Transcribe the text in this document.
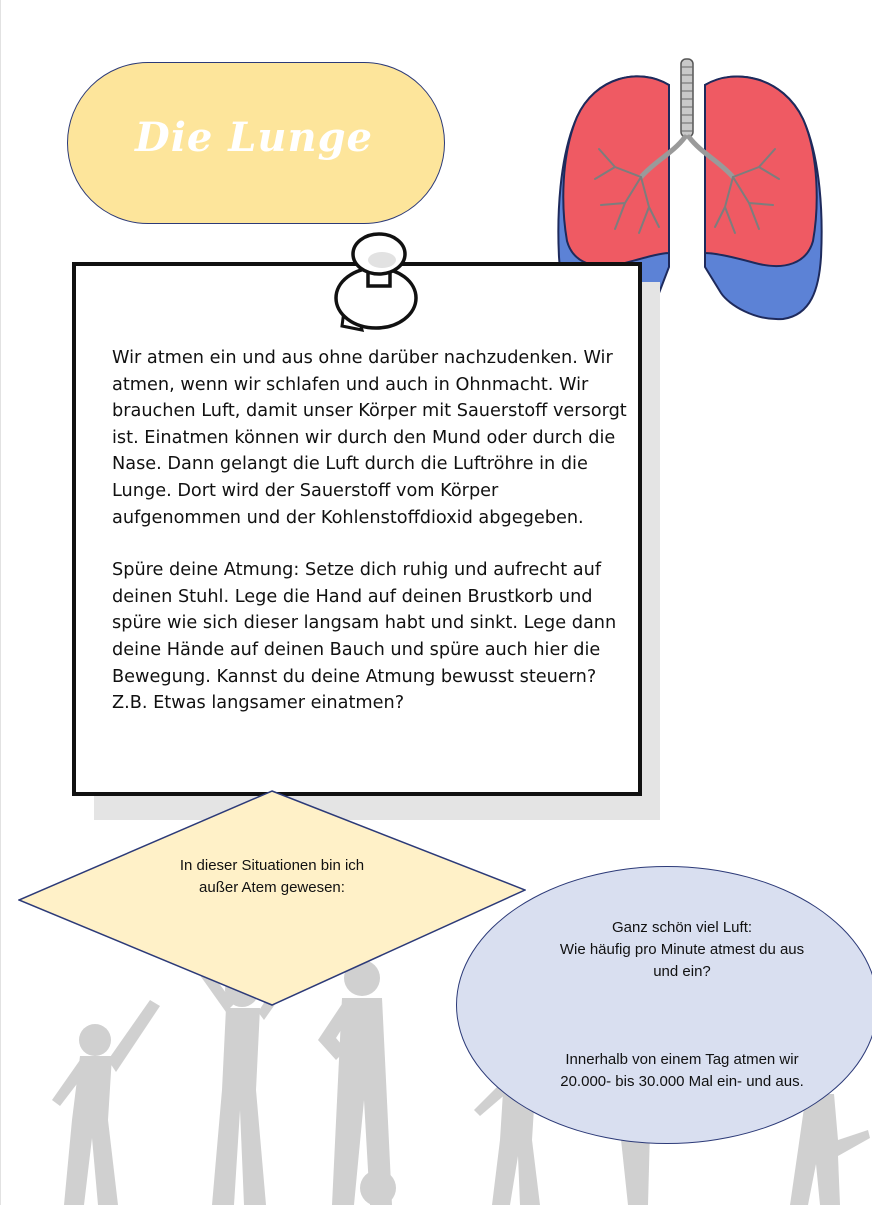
Die Lunge

Wir atmen ein und aus ohne darüber nachzudenken. Wir atmen, wenn wir schlafen und auch in Ohnmacht. Wir brauchen Luft, damit unser Körper mit Sauerstoff versorgt ist. Einatmen können wir durch den Mund oder durch die Nase. Dann gelangt die Luft durch die Luftröhre in die Lunge. Dort wird der Sauerstoff vom Körper aufgenommen und der Kohlenstoffdioxid abgegeben.

Spüre deine Atmung: Setze dich ruhig und aufrecht auf deinen Stuhl. Lege die Hand auf deinen Brustkorb und spüre wie sich dieser langsam habt und sinkt. Lege dann deine Hände auf deinen Bauch und spüre auch hier die Bewegung. Kannst du deine Atmung bewusst steuern? Z.B. Etwas langsamer einatmen?

In dieser Situationen bin ich
außer Atem gewesen:

Ganz schön viel Luft:

Wie häufig pro Minute atmest du aus

und ein?

Innerhalb von einem Tag atmen wir

20.000- bis 30.000 Mal ein- und aus.
